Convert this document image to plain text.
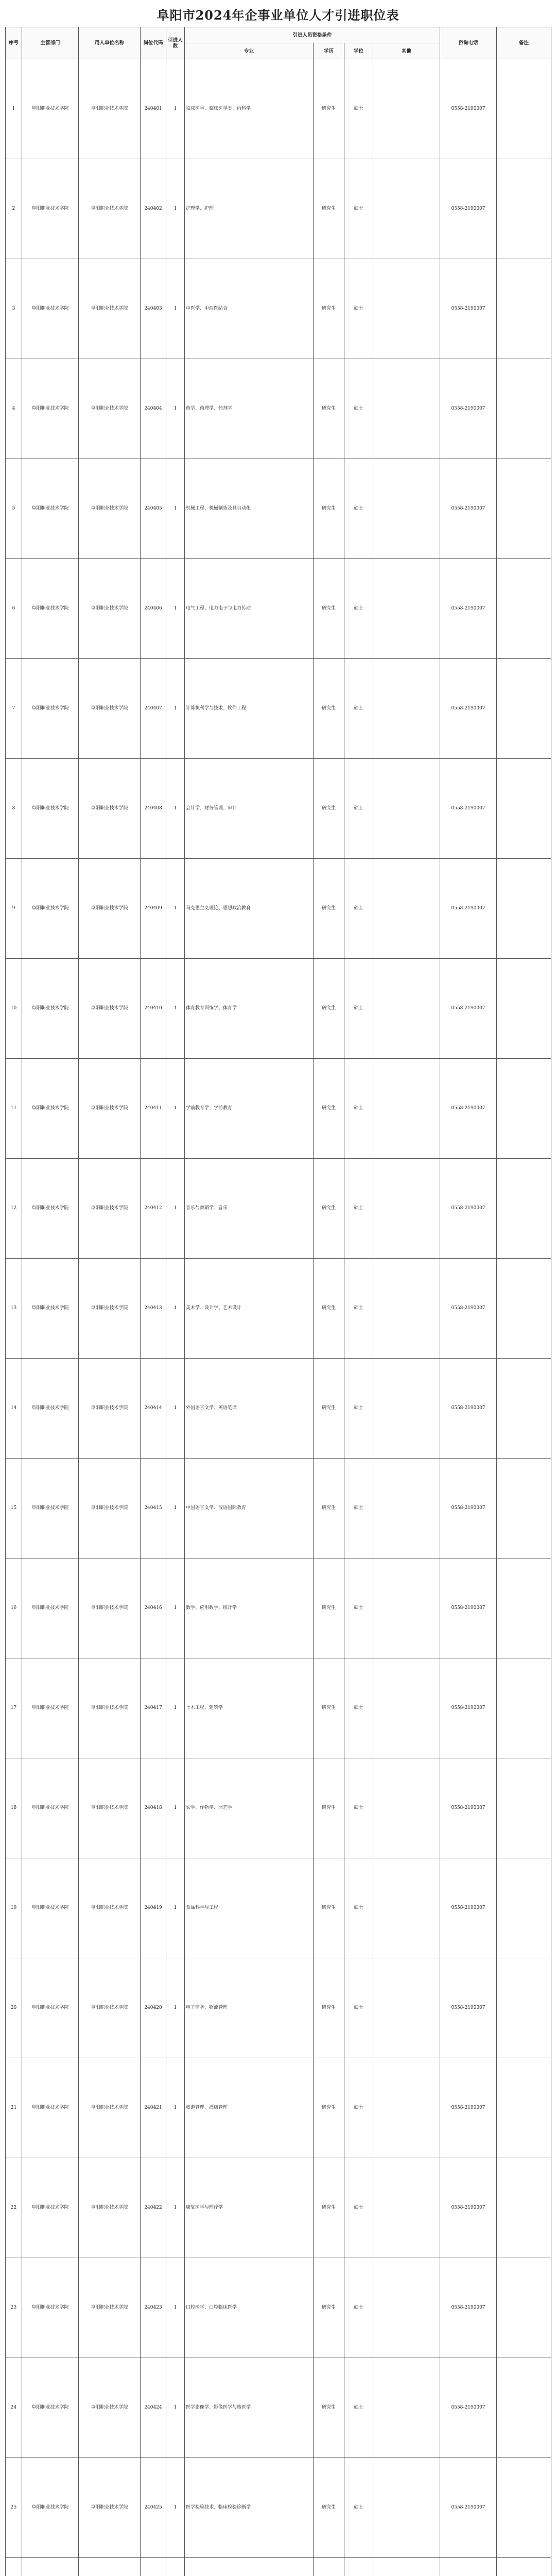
阜阳市2024年企事业单位人才引进职位表
序号	主管部门	用人单位名称	岗位代码	引进人数	引进人员资格条件				咨询电话	备注
					专业	学历	学位	其他		
1	阜阳职业技术学院	阜阳职业技术学院	240401	1	临床医学、临床医学类、内科学	研究生	硕士		0558-2190007	
2	阜阳职业技术学院	阜阳职业技术学院	240402	1	护理学、护理	研究生	硕士		0558-2190007	
3	阜阳职业技术学院	阜阳职业技术学院	240403	1	中医学、中西医结合	研究生	硕士		0558-2190007	
4	阜阳职业技术学院	阜阳职业技术学院	240404	1	药学、药理学、药剂学	研究生	硕士		0558-2190007	
5	阜阳职业技术学院	阜阳职业技术学院	240405	1	机械工程、机械制造及其自动化	研究生	硕士		0558-2190007	
6	阜阳职业技术学院	阜阳职业技术学院	240406	1	电气工程、电力电子与电力传动	研究生	硕士		0558-2190007	
7	阜阳职业技术学院	阜阳职业技术学院	240407	1	计算机科学与技术、软件工程	研究生	硕士		0558-2190007	
8	阜阳职业技术学院	阜阳职业技术学院	240408	1	会计学、财务管理、审计	研究生	硕士		0558-2190007	
9	阜阳职业技术学院	阜阳职业技术学院	240409	1	马克思主义理论、思想政治教育	研究生	硕士		0558-2190007	
10	阜阳职业技术学院	阜阳职业技术学院	240410	1	体育教育训练学、体育学	研究生	硕士		0558-2190007	
11	阜阳职业技术学院	阜阳职业技术学院	240411	1	学前教育学、学前教育	研究生	硕士		0558-2190007	
12	阜阳职业技术学院	阜阳职业技术学院	240412	1	音乐与舞蹈学、音乐	研究生	硕士		0558-2190007	
13	阜阳职业技术学院	阜阳职业技术学院	240413	1	美术学、设计学、艺术设计	研究生	硕士		0558-2190007	
14	阜阳职业技术学院	阜阳职业技术学院	240414	1	外国语言文学、英语笔译	研究生	硕士		0558-2190007	
15	阜阳职业技术学院	阜阳职业技术学院	240415	1	中国语言文学、汉语国际教育	研究生	硕士		0558-2190007	
16	阜阳职业技术学院	阜阳职业技术学院	240416	1	数学、应用数学、统计学	研究生	硕士		0558-2190007	
17	阜阳职业技术学院	阜阳职业技术学院	240417	1	土木工程、建筑学	研究生	硕士		0558-2190007	
18	阜阳职业技术学院	阜阳职业技术学院	240418	1	农学、作物学、园艺学	研究生	硕士		0558-2190007	
19	阜阳职业技术学院	阜阳职业技术学院	240419	1	食品科学与工程	研究生	硕士		0558-2190007	
20	阜阳职业技术学院	阜阳职业技术学院	240420	1	电子商务、物流管理	研究生	硕士		0558-2190007	
21	阜阳职业技术学院	阜阳职业技术学院	240421	1	旅游管理、酒店管理	研究生	硕士		0558-2190007	
22	阜阳职业技术学院	阜阳职业技术学院	240422	1	康复医学与理疗学	研究生	硕士		0558-2190007	
23	阜阳职业技术学院	阜阳职业技术学院	240423	1	口腔医学、口腔临床医学	研究生	硕士		0558-2190007	
24	阜阳职业技术学院	阜阳职业技术学院	240424	1	医学影像学、影像医学与核医学	研究生	硕士		0558-2190007	
25	阜阳职业技术学院	阜阳职业技术学院	240425	1	医学检验技术、临床检验诊断学	研究生	硕士		0558-2190007	
